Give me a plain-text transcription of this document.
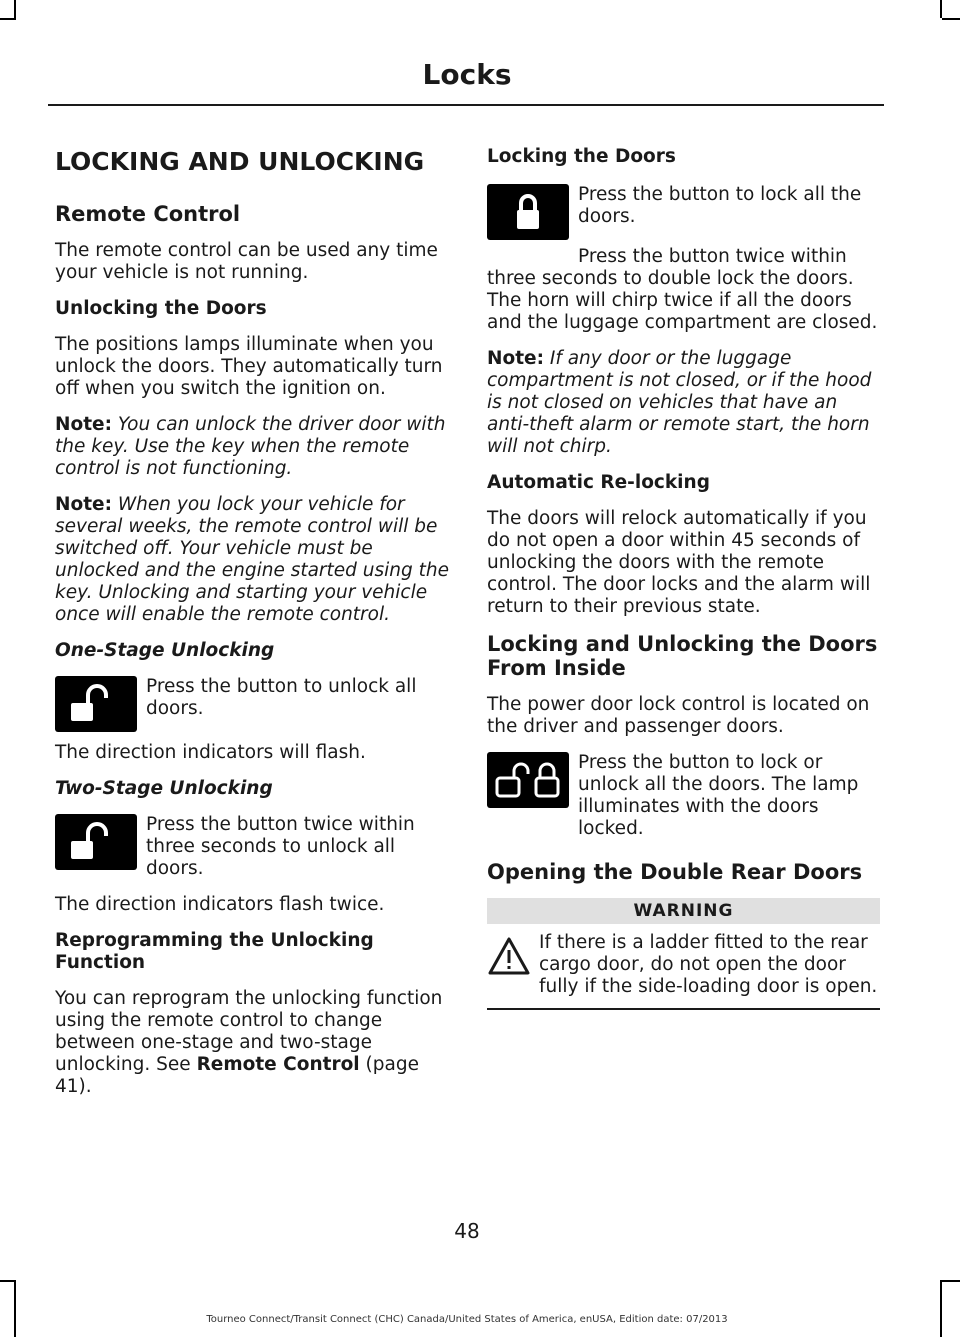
Locks
LOCKING AND UNLOCKING
Remote Control

The remote control can be used any time your vehicle is not running.

Unlocking the Doors

The positions lamps illuminate when you unlock the doors. They automatically turn off when you switch the ignition on.

Note: You can unlock the driver door with the key. Use the key when the remote control is not functioning.

Note: When you lock your vehicle for several weeks, the remote control will be switched off. Your vehicle must be unlocked and the engine started using the key. Unlocking and starting your vehicle once will enable the remote control.

One-Stage Unlocking
Press the button to unlock all doors.

The direction indicators will flash.

Two-Stage Unlocking
Press the button twice within three seconds to unlock all doors.

The direction indicators flash twice.

Reprogramming the Unlocking Function

You can reprogram the unlocking function using the remote control to change between one-stage and two-stage unlocking. See Remote Control (page 41).

Locking the Doors
Press the button to lock all the doors.

Press the button twice within three seconds to double lock the doors. The horn will chirp twice if all the doors and the luggage compartment are closed.

Note: If any door or the luggage compartment is not closed, or if the hood is not closed on vehicles that have an anti-theft alarm or remote start, the horn will not chirp.

Automatic Re-locking

The doors will relock automatically if you do not open a door within 45 seconds of unlocking the doors with the remote control. The door locks and the alarm will return to their previous state.

Locking and Unlocking the Doors From Inside

The power door lock control is located on the driver and passenger doors.

Press the button to lock or unlock all the doors. The lamp illuminates with the doors locked.
Opening the Double Rear Doors
WARNING
If there is a ladder fitted to the rear cargo door, do not open the door fully if the side-loading door is open.
48
Tourneo Connect/Transit Connect (CHC) Canada/United States of America, enUSA, Edition date: 07/2013
